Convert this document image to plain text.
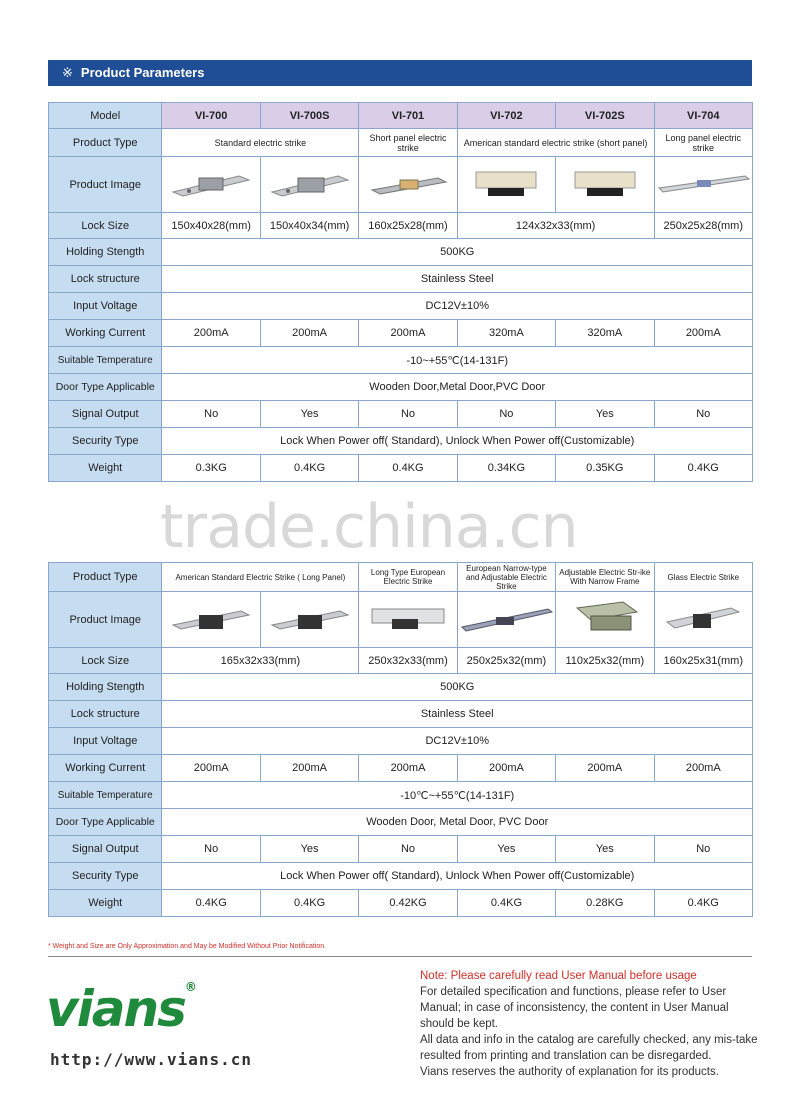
※ Product Parameters
Model	VI-700	VI-700S	VI-701	VI-702	VI-702S	VI-704
Product Type	Standard electric strike		Short panel electric strike	American standard electric strike (short panel)		Long panel electric strike
Product Image						
Lock Size	150x40x28(mm)	150x40x34(mm)	160x25x28(mm)	124x32x33(mm)		250x25x28(mm)
Holding Stength	500KG					
Lock structure	Stainless Steel					
Input Voltage	DC12V±10%					
Working Current	200mA	200mA	200mA	320mA	320mA	200mA
Suitable Temperature	-10~+55℃(14-131F)					
Door Type Applicable	Wooden Door,Metal Door,PVC Door					
Signal Output	No	Yes	No	No	Yes	No
Security Type	Lock When Power off( Standard), Unlock When Power off(Customizable)					
Weight	0.3KG	0.4KG	0.4KG	0.34KG	0.35KG	0.4KG
trade.china.cn
Product Type	American Standard Electric Strike ( Long Panel)		Long Type European Electric Strike	European Narrow-type and Adjustable Electric Strike	Adjustable Electric Str-ike With Narrow Frame	Glass Electric Strike
Product Image						
Lock Size	165x32x33(mm)		250x32x33(mm)	250x25x32(mm)	110x25x32(mm)	160x25x31(mm)
Holding Stength	500KG					
Lock structure	Stainless Steel					
Input Voltage	DC12V±10%					
Working Current	200mA	200mA	200mA	200mA	200mA	200mA
Suitable Temperature	-10℃~+55℃(14-131F)					
Door Type Applicable	Wooden Door, Metal Door, PVC Door					
Signal Output	No	Yes	No	Yes	Yes	No
Security Type	Lock When Power off( Standard), Unlock When Power off(Customizable)					
Weight	0.4KG	0.4KG	0.42KG	0.4KG	0.28KG	0.4KG
* Weight and Size are Only Approximation and May be Modified Without Prior Notification.
vians®
http://www.vians.cn
Note: Please carefully read User Manual before usage
For detailed specification and functions, please refer to User Manual; in case of inconsistency, the content in User Manual should be kept.
All data and info in the catalog are carefully checked, any mis-take resulted from printing and translation can be disregarded.
Vians reserves the authority of explanation for its products.
